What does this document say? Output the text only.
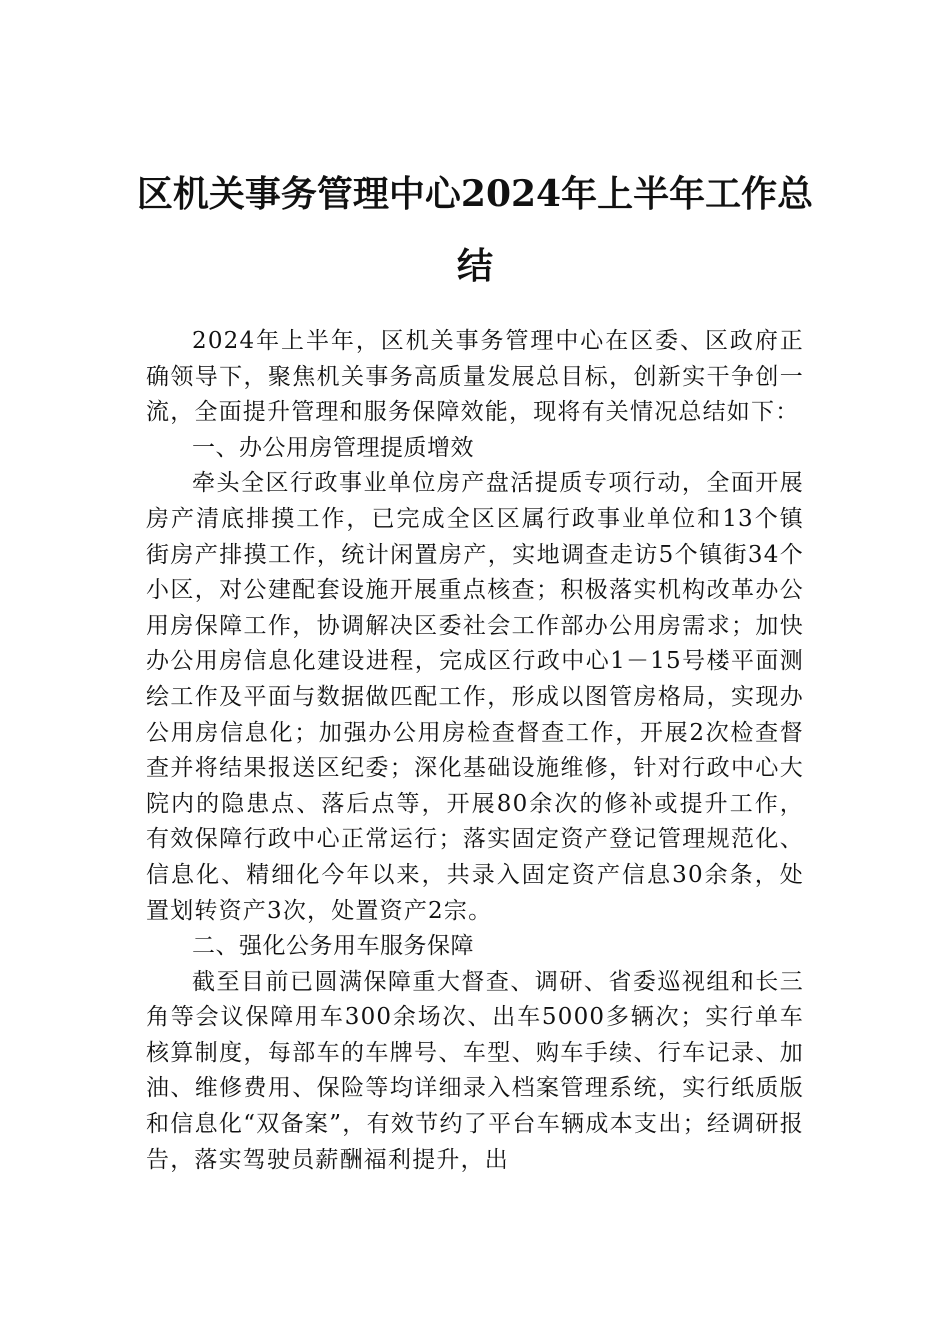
区机关事务管理中心2024年上半年工作总结

2024年上半年，区机关事务管理中心在区委、区政府正确领导下，聚焦机关事务高质量发展总目标，创新实干争创一流，全面提升管理和服务保障效能，现将有关情况总结如下：

一、办公用房管理提质增效

牵头全区行政事业单位房产盘活提质专项行动，全面开展房产清底排摸工作，已完成全区区属行政事业单位和13个镇街房产排摸工作，统计闲置房产，实地调查走访5个镇街34个小区，对公建配套设施开展重点核查；积极落实机构改革办公用房保障工作，协调解决区委社会工作部办公用房需求；加快办公用房信息化建设进程，完成区行政中心1－15号楼平面测绘工作及平面与数据做匹配工作，形成以图管房格局，实现办公用房信息化；加强办公用房检查督查工作，开展2次检查督查并将结果报送区纪委；深化基础设施维修，针对行政中心大院内的隐患点、落后点等，开展80余次的修补或提升工作，有效保障行政中心正常运行；落实固定资产登记管理规范化、信息化、精细化今年以来，共录入固定资产信息30余条，处置划转资产3次，处置资产2宗。

二、强化公务用车服务保障

截至目前已圆满保障重大督查、调研、省委巡视组和长三角等会议保障用车300余场次、出车5000多辆次；实行单车核算制度，每部车的车牌号、车型、购车手续、行车记录、加油、维修费用、保险等均详细录入档案管理系统，实行纸质版和信息化“双备案”，有效节约了平台车辆成本支出；经调研报告，落实驾驶员薪酬福利提升，出
